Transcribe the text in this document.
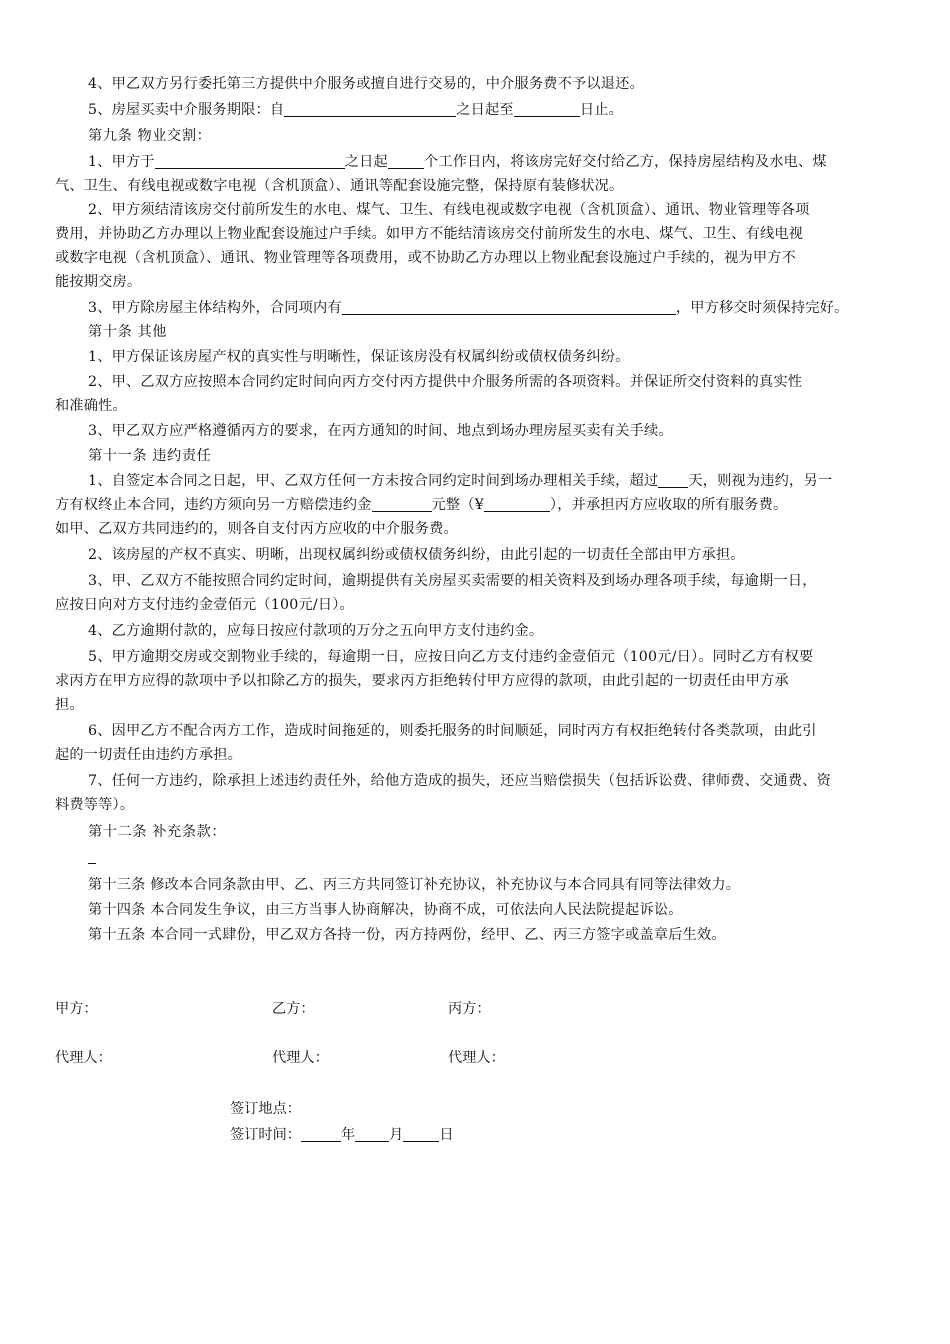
4、甲乙双方另行委托第三方提供中介服务或擅自进行交易的，中介服务费不予以退还。
5、房屋买卖中介服务期限：自	之日起至	日止。
第九条 物业交割：
1、甲方于	之日起	个工作日内，将该房完好交付给乙方，保持房屋结构及水电、煤
气、卫生、有线电视或数字电视（含机顶盒）、通讯等配套设施完整，保持原有装修状况。
2、甲方须结清该房交付前所发生的水电、煤气、卫生、有线电视或数字电视（含机顶盒）、通讯、物业管理等各项
费用，并协助乙方办理以上物业配套设施过户手续。如甲方不能结清该房交付前所发生的水电、煤气、卫生、有线电视
或数字电视（含机顶盒）、通讯、物业管理等各项费用，或不协助乙方办理以上物业配套设施过户手续的，视为甲方不
能按期交房。
3、甲方除房屋主体结构外，合同项内有	，甲方移交时须保持完好。
第十条 其他
1、甲方保证该房屋产权的真实性与明晰性，保证该房没有权属纠纷或债权债务纠纷。
2、甲、乙双方应按照本合同约定时间向丙方交付丙方提供中介服务所需的各项资料。并保证所交付资料的真实性
和准确性。
3、甲乙双方应严格遵循丙方的要求，在丙方通知的时间、地点到场办理房屋买卖有关手续。
第十一条 违约责任
1、自签定本合同之日起，甲、乙双方任何一方未按合同约定时间到场办理相关手续，超过 天，则视为违约，另一
方有权终止本合同，违约方须向另一方赔偿违约金	元整（¥	），并承担丙方应收取的所有服务费。
如甲、乙双方共同违约的，则各自支付丙方应收的中介服务费。
2、该房屋的产权不真实、明晰，出现权属纠纷或债权债务纠纷，由此引起的一切责任全部由甲方承担。
3、甲、乙双方不能按照合同约定时间，逾期提供有关房屋买卖需要的相关资料及到场办理各项手续，每逾期一日，
应按日向对方支付违约金壹佰元（100元/日）。
4、乙方逾期付款的，应每日按应付款项的万分之五向甲方支付违约金。
5、甲方逾期交房或交割物业手续的，每逾期一日，应按日向乙方支付违约金壹佰元（100元/日）。同时乙方有权要
求丙方在甲方应得的款项中予以扣除乙方的损失，要求丙方拒绝转付甲方应得的款项，由此引起的一切责任由甲方承
担。
6、因甲乙方不配合丙方工作，造成时间拖延的，则委托服务的时间顺延，同时丙方有权拒绝转付各类款项，由此引
起的一切责任由违约方承担。
7、任何一方违约，除承担上述违约责任外，给他方造成的损失，还应当赔偿损失（包括诉讼费、律师费、交通费、资
料费等等）。
第十二条 补充条款：
第十三条 修改本合同条款由甲、乙、丙三方共同签订补充协议，补充协议与本合同具有同等法律效力。
第十四条 本合同发生争议，由三方当事人协商解决，协商不成，可依法向人民法院提起诉讼。
第十五条 本合同一式肆份，甲乙双方各持一份，丙方持两份，经甲、乙、丙三方签字或盖章后生效。
甲方：	乙方：	丙方：
代理人：	代理人：	代理人：
签订地点：
签订时间：	年 月	日
